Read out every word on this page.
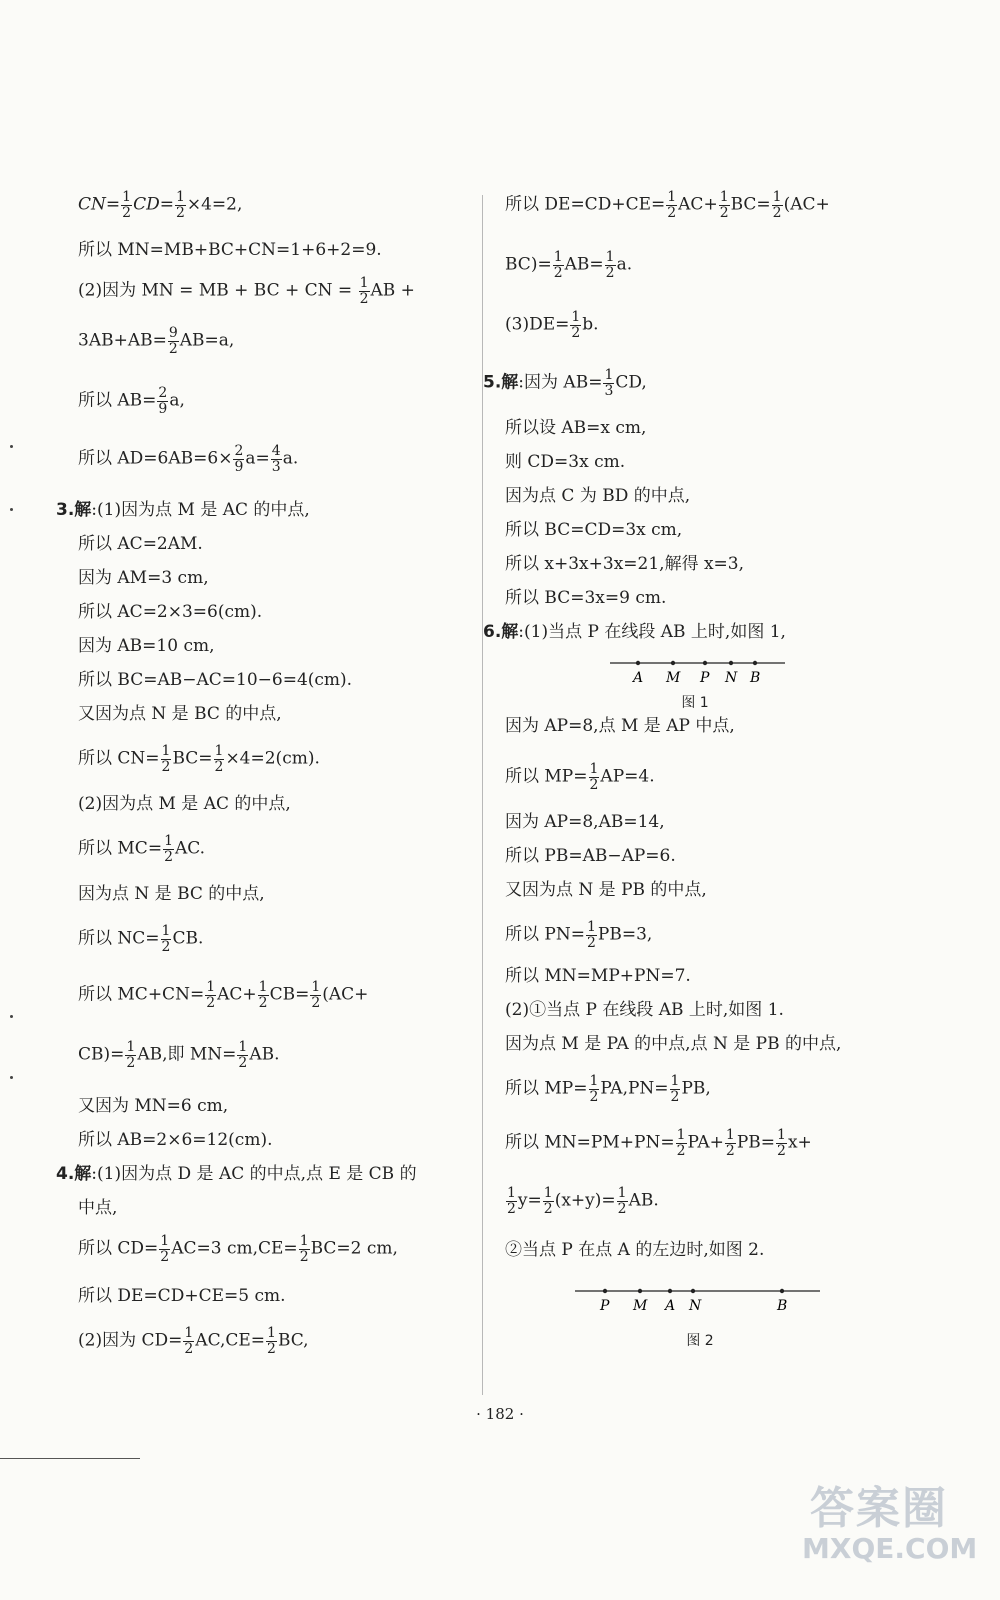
$CN= \frac{1}{2} CD= \frac{1}{2} \times 4=2$,
所以 MN=MB+BC+CN=1+6+2=9.
(2)因为 MN = MB + BC + CN = $\frac{1}{2}$ AB +
$3AB+AB= \frac{9}{2} AB=a$,
所以 $AB= \frac{2}{9} a$,
所以 $AD=6AB=6\times \frac{2}{9} a= \frac{4}{3} a$.
3.解:(1)因为点 M 是 AC 的中点,
所以 AC=2AM.
因为 AM=3 cm,
所以 AC=2×3=6(cm).
因为 AB=10 cm,
所以 BC=AB−AC=10−6=4(cm).
又因为点 N 是 BC 的中点,
所以 $CN= \frac{1}{2} BC= \frac{1}{2} \times 4=2(cm)$.
(2)因为点 M 是 AC 的中点,
所以 $MC= \frac{1}{2}$ AC.
因为点 N 是 BC 的中点,
所以 $NC= \frac{1}{2}$ CB.
所以 $MC+CN= \frac{1}{2} AC+ \frac{1}{2} CB= \frac{1}{2} (AC+$
$CB)= \frac{1}{2}$ AB,即 $MN= \frac{1}{2}$ AB.
又因为 MN=6 cm,
所以 AB=2×6=12(cm).
4.解:(1)因为点 D 是 AC 的中点,点 E 是 CB 的
中点,
所以 $CD= \frac{1}{2} AC=3$ $cm,CE= \frac{1}{2} BC=2$ cm,
所以 DE=CD+CE=5 cm.
(2)因为 $CD= \frac{1}{2} AC,CE= \frac{1}{2}$ BC,
所以 $DE=CD+CE= \frac{1}{2} AC+ \frac{1}{2} BC= \frac{1}{2} (AC+$
$BC)= \frac{1}{2} AB= \frac{1}{2} a$.
$(3)DE= \frac{1}{2} b$.
5.解:因为 $AB= \frac{1}{3}$ CD,
所以设 AB=x cm,
则 CD=3x cm.
因为点 C 为 BD 的中点,
所以 BC=CD=3x cm,
所以 x+3x+3x=21,解得 x=3,
所以 BC=3x=9 cm.
6.解:(1)当点 P 在线段 AB 上时,如图 1,
A M P N B
图 1
因为 AP=8,点 M 是 AP 中点,
所以 $MP= \frac{1}{2} AP=4$.
因为 AP=8,AB=14,
所以 PB=AB−AP=6.
又因为点 N 是 PB 的中点,
所以 $PN= \frac{1}{2} PB=3$,
所以 MN=MP+PN=7.
(2)①当点 P 在线段 AB 上时,如图 1.
因为点 M 是 PA 的中点,点 N 是 PB 的中点,
所以 $MP= \frac{1}{2} PA,PN= \frac{1}{2}$ PB,
所以 $MN=PM+PN= \frac{1}{2} PA+ \frac{1}{2} PB= \frac{1}{2} x+$
$\frac{1}{2} y= \frac{1}{2} (x+y)= \frac{1}{2}$ AB.
②当点 P 在点 A 的左边时,如图 2.
P M A N	B
图 2
· 182 ·
答案圈
MXQE.COM
